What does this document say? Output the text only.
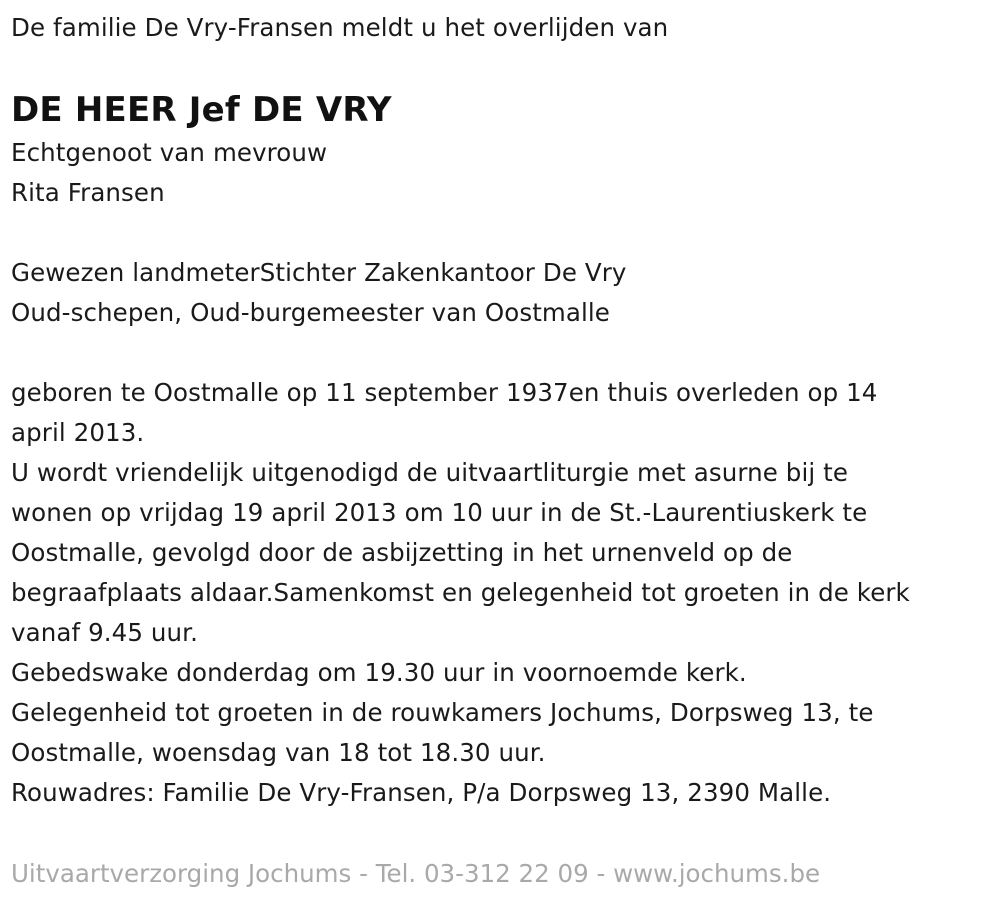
De familie De Vry-Fransen meldt u het overlijden van

DE HEER Jef DE VRY

Echtgenoot van mevrouw

Rita Fransen

Gewezen landmeterStichter Zakenkantoor De Vry

Oud-schepen, Oud-burgemeester van Oostmalle

geboren te Oostmalle op 11 september 1937en thuis overleden op 14

april 2013.

U wordt vriendelijk uitgenodigd de uitvaartliturgie met asurne bij te

wonen op vrijdag 19 april 2013 om 10 uur in de St.-Laurentiuskerk te

Oostmalle, gevolgd door de asbijzetting in het urnenveld op de

begraafplaats aldaar.Samenkomst en gelegenheid tot groeten in de kerk

vanaf 9.45 uur.

Gebedswake donderdag om 19.30 uur in voornoemde kerk.

Gelegenheid tot groeten in de rouwkamers Jochums, Dorpsweg 13, te

Oostmalle, woensdag van 18 tot 18.30 uur.

Rouwadres: Familie De Vry-Fransen, P/a Dorpsweg 13, 2390 Malle.

Uitvaartverzorging Jochums - Tel. 03-312 22 09 - www.jochums.be
